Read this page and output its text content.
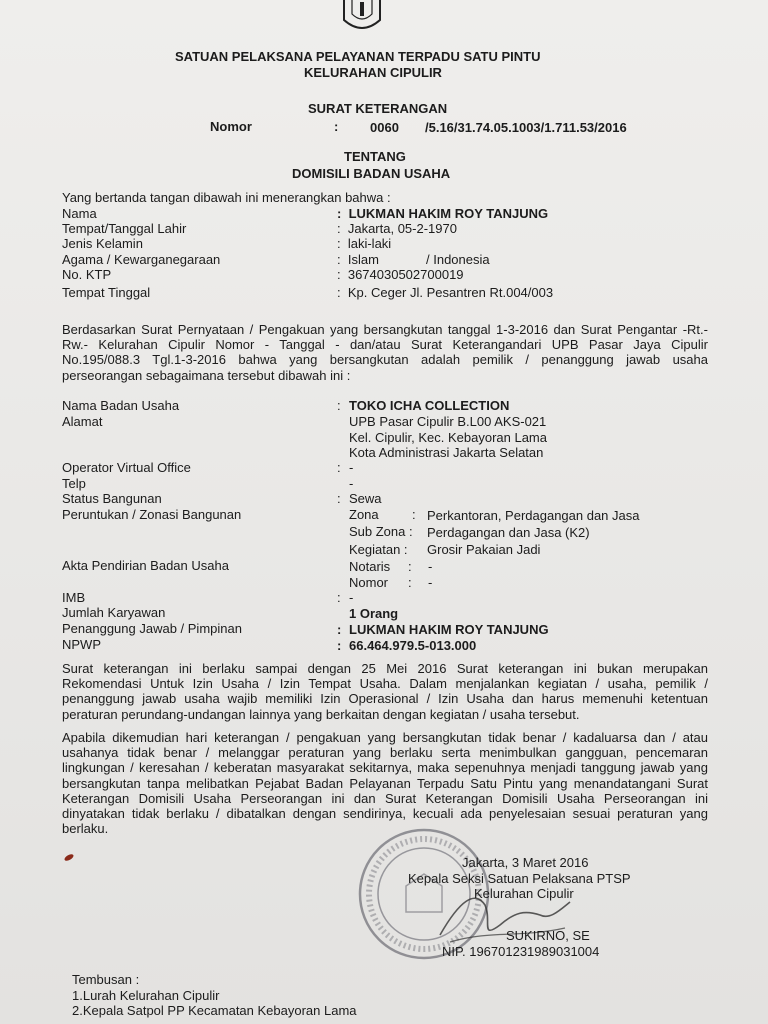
SATUAN PELAKSANA PELAYANAN TERPADU SATU PINTU
KELURAHAN CIPULIR
SURAT KETERANGAN
Nomor	: 0060 /5.16/31.74.05.1003/1.711.53/2016
TENTANG
DOMISILI BADAN USAHA
Yang bertanda tangan dibawah ini menerangkan bahwa :
Nama	:  LUKMAN HAKIM ROY TANJUNG
Tempat/Tanggal Lahir	:  Jakarta, 05-2-1970
Jenis Kelamin	:  laki-laki
Agama / Kewarganegaraan	:  Islam	/ Indonesia
No. KTP	:  3674030502700019
Tempat Tinggal	:  Kp. Ceger Jl. Pesantren Rt.004/003
Berdasarkan Surat Pernyataan / Pengakuan yang bersangkutan tanggal 1-3-2016 dan Surat Pengantar -Rt.-
Rw.- Kelurahan Cipulir Nomor - Tanggal - dan/atau Surat Keterangandari UPB Pasar Jaya Cipulir
No.195/088.3 Tgl.1-3-2016 bahwa yang bersangkutan adalah pemilik / penanggung jawab usaha
perseorangan sebagaimana tersebut dibawah ini :
Nama Badan Usaha	: TOKO ICHA COLLECTION
Alamat	UPB Pasar Cipulir B.L00 AKS-021
Kel. Cipulir, Kec. Kebayoran Lama
Kota Administrasi Jakarta Selatan
Operator Virtual Office	: -
Telp	-
Status Bangunan	: Sewa
Peruntukan / Zonasi Bangunan	Zona	: Perkantoran, Perdagangan dan Jasa
Sub Zona : Perdagangan dan Jasa (K2)
Kegiatan : Grosir Pakaian Jadi
Akta Pendirian Badan Usaha	Notaris : -
Nomor : -
IMB	: -
Jumlah Karyawan	1 Orang
Penanggung Jawab / Pimpinan	: LUKMAN HAKIM ROY TANJUNG
NPWP	: 66.464.979.5-013.000
Surat keterangan ini berlaku sampai dengan 25 Mei 2016 Surat keterangan ini bukan merupakan
Rekomendasi Untuk Izin Usaha / Izin Tempat Usaha. Dalam menjalankan kegiatan / usaha, pemilik /
penanggung jawab usaha wajib memiliki Izin Operasional / Izin Usaha dan harus memenuhi ketentuan
peraturan perundang-undangan lainnya yang berkaitan dengan kegiatan / usaha tersebut.
Apabila dikemudian hari keterangan / pengakuan yang bersangkutan tidak benar / kadaluarsa dan / atau
usahanya tidak benar / melanggar peraturan yang berlaku serta menimbulkan gangguan, pencemaran
lingkungan / keresahan / keberatan masyarakat sekitarnya, maka sepenuhnya menjadi tanggung jawab yang
bersangkutan tanpa melibatkan Pejabat Badan Pelayanan Terpadu Satu Pintu yang menandatangani Surat
Keterangan Domisili Usaha Perseorangan ini dan Surat Keterangan Domisili Usaha Perseorangan ini
dinyatakan tidak berlaku / dibatalkan dengan sendirinya, kecuali ada penyelesaian sesuai peraturan yang
berlaku.
Jakarta, 3 Maret 2016
Kepala Seksi Satuan Pelaksana PTSP
Kelurahan Cipulir
SUKIRNO, SE
NIP. 196701231989031004
Tembusan :
1.Lurah Kelurahan Cipulir
2.Kepala Satpol PP Kecamatan Kebayoran Lama
